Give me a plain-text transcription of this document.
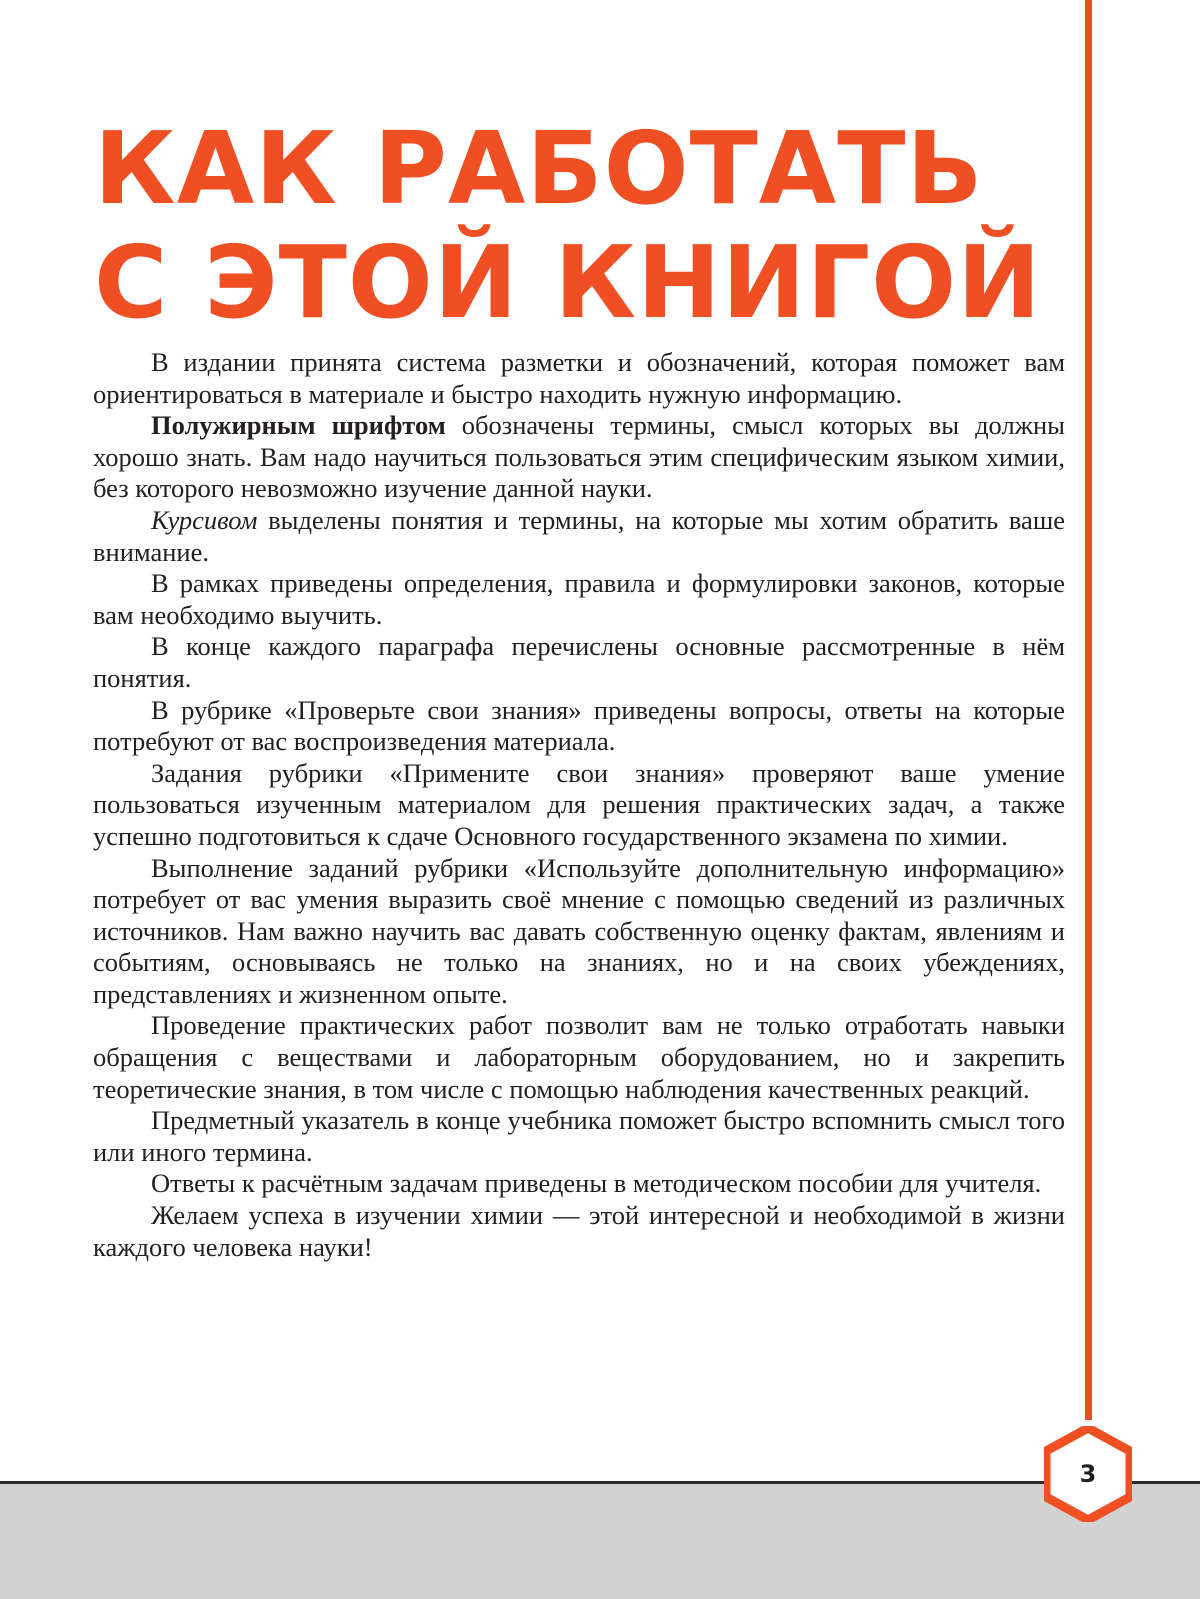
КАК РАБОТАТЬ
С ЭТОЙ КНИГОЙ

В издании принята система разметки и обозначений, которая поможет вам ориентироваться в материале и быстро находить нужную информацию.

Полужирным шрифтом обозначены термины, смысл которых вы должны хорошо знать. Вам надо научиться пользоваться этим специфическим языком химии, без которого невозможно изучение данной науки.

Курсивом выделены понятия и термины, на которые мы хотим обратить ваше внимание.

В рамках приведены определения, правила и формулировки законов, которые вам необходимо выучить.

В конце каждого параграфа перечислены основные рассмотренные в нём понятия.

В рубрике «Проверьте свои знания» приведены вопросы, ответы на которые потребуют от вас воспроизведения материала.

Задания рубрики «Примените свои знания» проверяют ваше умение пользоваться изученным материалом для решения практических задач, а также успешно подготовиться к сдаче Основного государственного экзамена по химии.

Выполнение заданий рубрики «Используйте дополнительную информацию» потребует от вас умения выразить своё мнение с помощью сведений из различных источников. Нам важно научить вас давать собственную оценку фактам, явлениям и событиям, основываясь не только на знаниях, но и на своих убеждениях, представлениях и жизненном опыте.

Проведение практических работ позволит вам не только отработать навыки обращения с веществами и лабораторным оборудованием, но и закрепить теоретические знания, в том числе с помощью наблюдения качественных реакций.

Предметный указатель в конце учебника поможет быстро вспомнить смысл того или иного термина.

Ответы к расчётным задачам приведены в методическом пособии для учителя.

Желаем успеха в изучении химии — этой интересной и необходимой в жизни каждого человека науки!

3
